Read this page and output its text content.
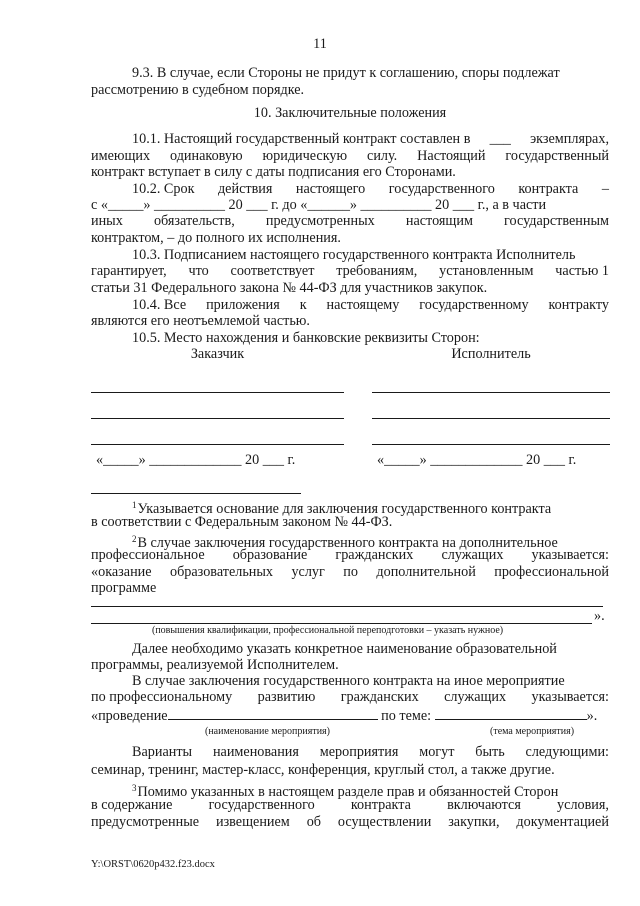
11
9.3. В случае, если Стороны не придут к соглашению, споры подлежат
рассмотрению в судебном порядке.
10. Заключительные положения
10.1. Настоящий государственный контракт составлен в ___ экземплярах,
имеющих одинаковую юридическую силу. Настоящий государственный
контракт вступает в силу с даты подписания его Сторонами.
10.2. Срок действия настоящего государственного контракта –
с «_____» __________ 20 ___ г. до «______» __________ 20 ___ г., а в части
иных обязательств, предусмотренных настоящим государственным
контрактом, – до полного их исполнения.
10.3. Подписанием настоящего государственного контракта Исполнитель
гарантирует, что соответствует требованиям, установленным частью 1
статьи 31 Федерального закона № 44-ФЗ для участников закупок.
10.4. Все приложения к настоящему государственному контракту
являются его неотъемлемой частью.
10.5. Место нахождения и банковские реквизиты Сторон:
Заказчик	Исполнитель
«_____» _____________ 20 ___ г.	«_____» _____________ 20 ___ г.
$^1$Указывается основание для заключения государственного контракта
в соответствии с Федеральным законом № 44-ФЗ.
$^2$В случае заключения государственного контракта на дополнительное
профессиональное образование гражданских служащих указывается:
«оказание образовательных услуг по дополнительной профессиональной
программе
».
(повышения квалификации, профессиональной переподготовки – указать нужное)
Далее необходимо указать конкретное наименование образовательной
программы, реализуемой Исполнителем.
В случае заключения государственного контракта на иное мероприятие
по профессиональному развитию гражданских служащих указывается:
«проведение	по теме:	».
(наименование мероприятия)	(тема мероприятия)
Варианты наименования мероприятия могут быть следующими:
семинар, тренинг, мастер-класс, конференция, круглый стол, а также другие.
$^3$Помимо указанных в настоящем разделе прав и обязанностей Сторон
в содержание	государственного	контракта	включаются	условия,
предусмотренные извещением об осуществлении закупки, документацией
Y:\ORST\0620p432.f23.docx
